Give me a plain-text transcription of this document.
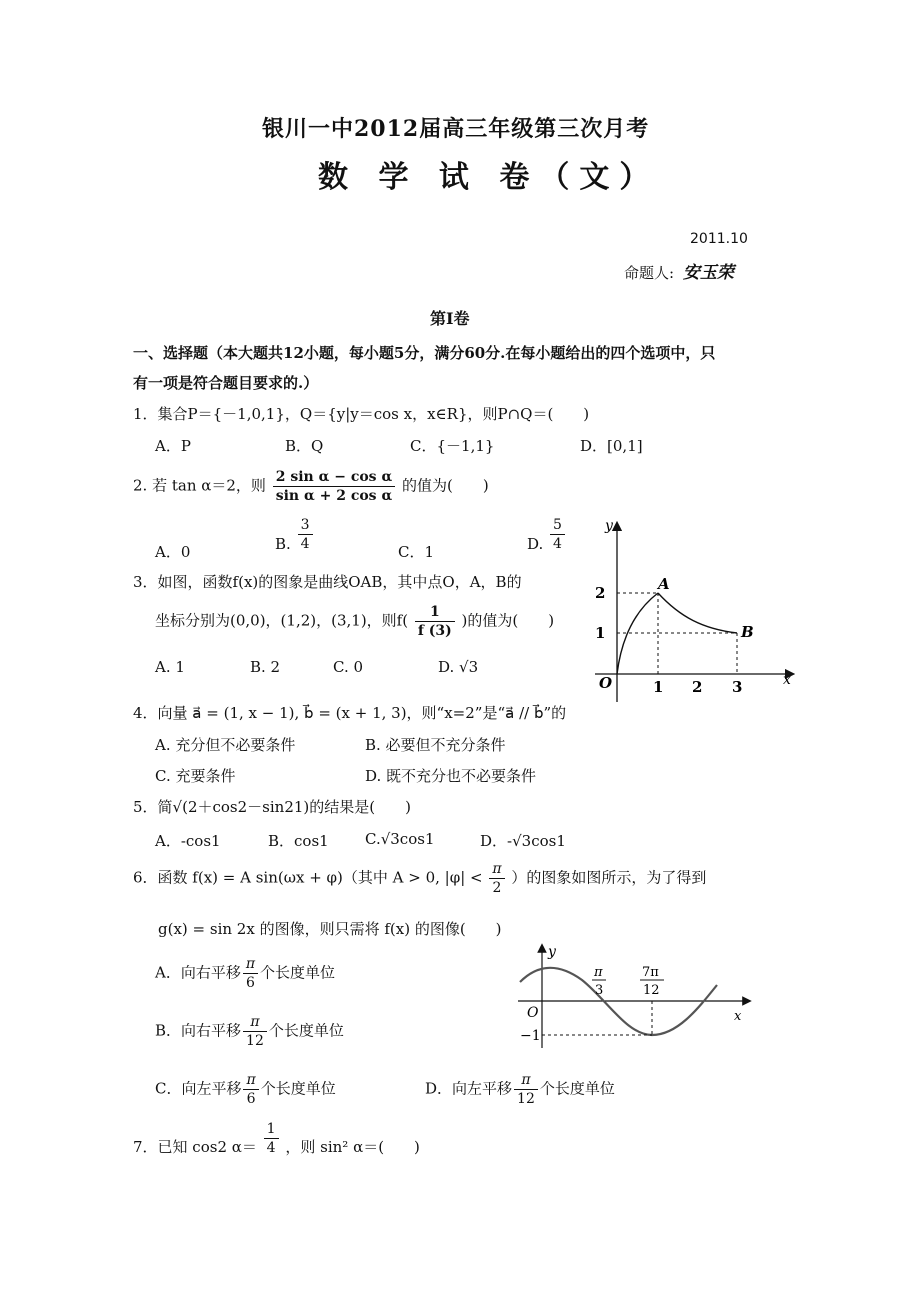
银川一中2012届高三年级第三次月考
数 学 试 卷（文）
2011.10
命题人: 安玉荣
第Ⅰ卷
一、选择题（本大题共12小题，每小题5分，满分60分.在每小题给出的四个选项中，只
有一项是符合题目要求的.）
1．集合P＝{－1,0,1}，Q＝{y|y＝cos x，x∈R}，则P∩Q＝(　　)
A．P	B．Q	C．{－1,1}	D．[0,1]
2. 若 tan α＝2，则 $\frac{\text{2 sin α − cos α}}{\text{sin α + 2 cos α}}$ 的值为(　　)
A．0	B. $\frac{3}{4}$	C．1	D. $\frac{5}{4}$
3．如图，函数f(x)的图象是曲线OAB，其中点O，A，B的
坐标分别为(0,0)，(1,2)，(3,1)，则$f( \frac{1}{f (3)}$ )的值为(　　)
A. 1	B. 2	C. 0	D. √3
y
x
O
2
1
1 2 3
A
B
4．向量 a⃗ = (1, x − 1), b⃗ = (x + 1, 3)，则“x=2”是“a⃗ // b⃗”的
A. 充分但不必要条件	B. 必要但不充分条件
C. 充要条件	D. 既不充分也不必要条件
5．简√(2＋cos2－sin21)的结果是(　　)
A．-cos1	B．cos1 C.√3cos1	D．-√3cos1
6．函数 f(x) = A sin(ωx + φ)（其中 A > 0, $|\varphi| < \frac{\pi}{2}$ ）的图象如图所示，为了得到
g(x) = sin 2x 的图像，则只需将 f(x) 的图像(　　)
A．向右平移 $\frac{\pi}{6}$ 个长度单位
B．向右平移 $\frac{\pi}{12}$ 个长度单位
C．向左平移 $\frac{\pi}{6}$ 个长度单位	D．向左平移 $\frac{\pi}{12}$ 个长度单位
y
x
O
−1
π
3
7π
12
7．已知 cos2 $\alpha= \frac{1}{4}$ ，则 sin² α＝(　　)
